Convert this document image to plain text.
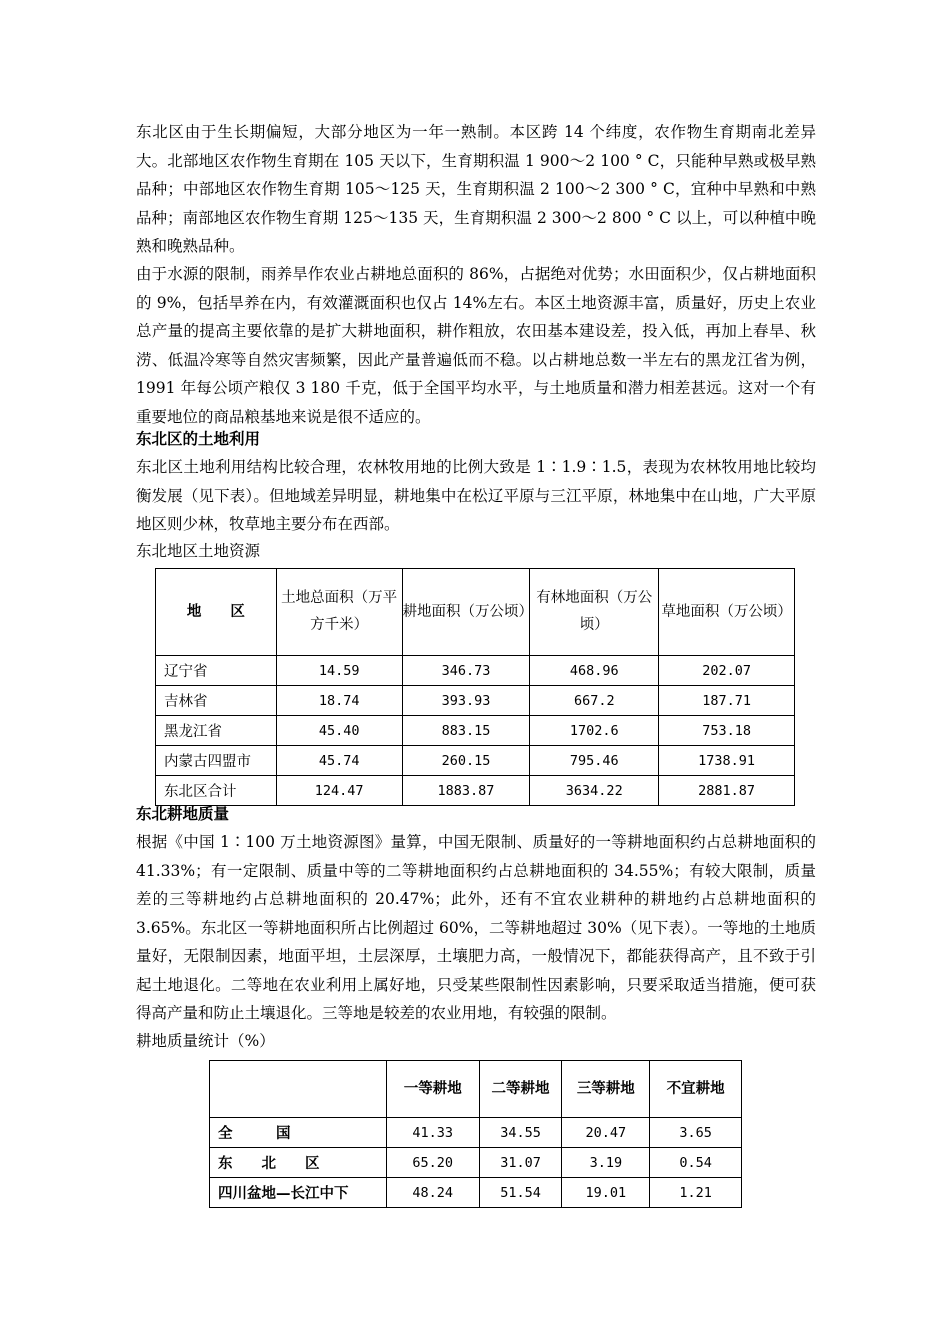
东北区由于生长期偏短，大部分地区为一年一熟制。本区跨 14 个纬度，农作物生育期南北差异大。北部地区农作物生育期在 105 天以下，生育期积温 1 900～2 100 ° C，只能种早熟或极早熟品种；中部地区农作物生育期 105～125 天，生育期积温 2 100～2 300 ° C，宜种中早熟和中熟品种；南部地区农作物生育期 125～135 天，生育期积温 2 300～2 800 ° C 以上，可以种植中晚熟和晚熟品种。

由于水源的限制，雨养旱作农业占耕地总面积的 86%，占据绝对优势；水田面积少，仅占耕地面积的 9%，包括旱养在内，有效灌溉面积也仅占 14%左右。本区土地资源丰富，质量好，历史上农业总产量的提高主要依靠的是扩大耕地面积，耕作粗放，农田基本建设差，投入低，再加上春旱、秋涝、低温冷寒等自然灾害频繁，因此产量普遍低而不稳。以占耕地总数一半左右的黑龙江省为例，1991 年每公顷产粮仅 3 180 千克，低于全国平均水平，与土地质量和潜力相差甚远。这对一个有重要地位的商品粮基地来说是很不适应的。

东北区的土地利用

东北区土地利用结构比较合理，农林牧用地的比例大致是 1∶1.9∶1.5，表现为农林牧用地比较均衡发展（见下表）。但地域差异明显，耕地集中在松辽平原与三江平原，林地集中在山地，广大平原地区则少林，牧草地主要分布在西部。

东北地区土地资源

地　　区	土地总面积（万平方千米）	耕地面积（万公顷）	有林地面积（万公顷）	草地面积（万公顷）
辽宁省	14.59	346.73	468.96	202.07
吉林省	18.74	393.93	667.2	187.71
黑龙江省	45.40	883.15	1702.6	753.18
内蒙古四盟市	45.74	260.15	795.46	1738.91
东北区合计	124.47	1883.87	3634.22	2881.87

东北耕地质量

根据《中国 1∶100 万土地资源图》量算，中国无限制、质量好的一等耕地面积约占总耕地面积的 41.33%；有一定限制、质量中等的二等耕地面积约占总耕地面积的 34.55%；有较大限制，质量差的三等耕地约占总耕地面积的 20.47%；此外，还有不宜农业耕种的耕地约占总耕地面积的 3.65%。东北区一等耕地面积所占比例超过 60%，二等耕地超过 30%（见下表）。一等地的土地质量好，无限制因素，地面平坦，土层深厚，土壤肥力高，一般情况下，都能获得高产，且不致于引起土地退化。二等地在农业利用上属好地，只受某些限制性因素影响，只要采取适当措施，便可获得高产量和防止土壤退化。三等地是较差的农业用地，有较强的限制。

耕地质量统计（%）

	一等耕地	二等耕地	三等耕地	不宜耕地
全　　　国	41.33	34.55	20.47	3.65
东　　北　　区	65.20	31.07	3.19	0.54
四川盆地—长江中下	48.24	51.54	19.01	1.21
